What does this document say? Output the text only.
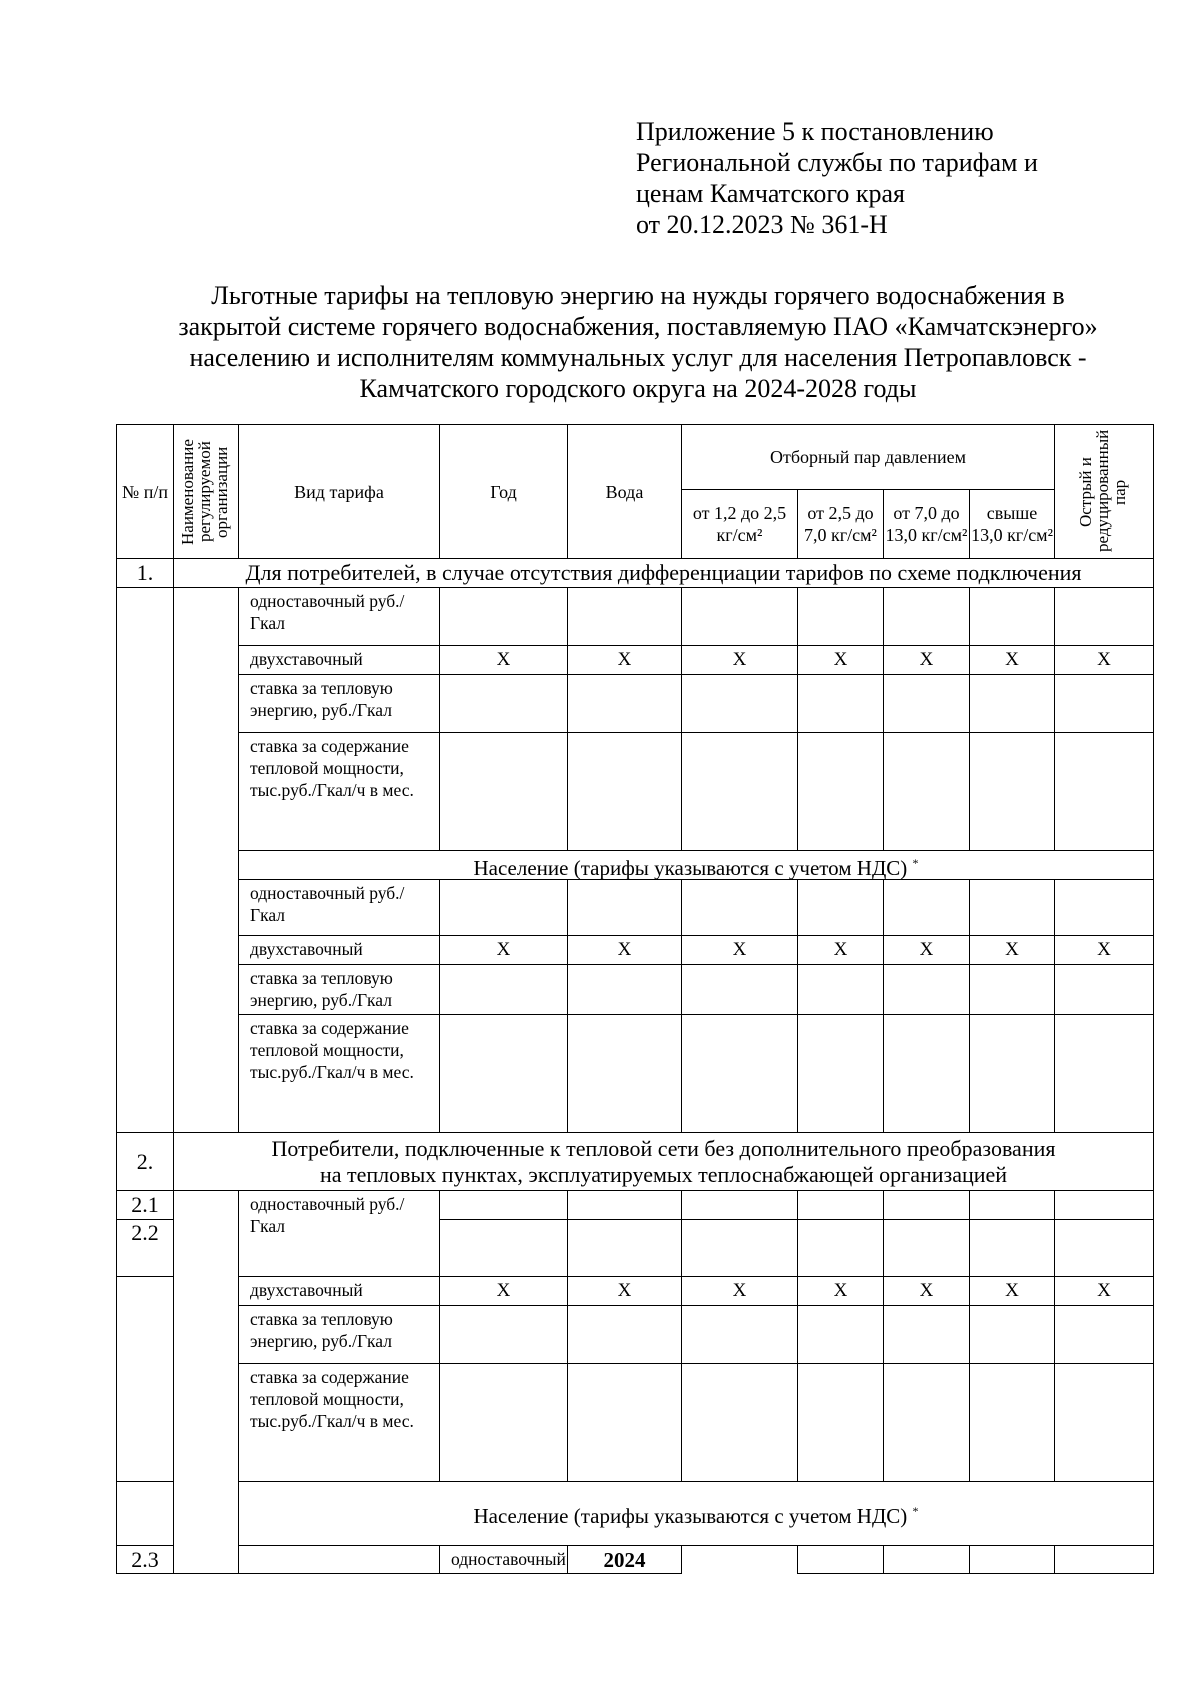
Приложение 5 к постановлению
Региональной службы по тарифам и
ценам Камчатского края
от 20.12.2023 № 361-Н
Льготные тарифы на тепловую энергию на нужды горячего водоснабжения в
закрытой системе горячего водоснабжения, поставляемую ПАО «Камчатскэнерго»
населению и исполнителям коммунальных услуг для населения Петропавловск -
Камчатского городского округа на 2024-2028 годы
№ п/п	Наименование регулируемой организации	Вид тарифа	Год	Вода	Отборный пар давлением				Острый и редуцированный пар	

					от 1,2 до 2,5 кг/см²	от 2,5 до 7,0 кг/см²	от 7,0 до 13,0 кг/см²	свыше 13,0 кг/см²		
1.	Для потребителей, в случае отсутствия дифференциации тарифов по схеме подключения									
		одноставочный руб./Гкал								
		двухставочный	Х	Х	Х	Х	Х	Х	Х	
		ставка за тепловую энергию, руб./Гкал								
		ставка за содержание тепловой мощности, тыс.руб./Гкал/ч в мес.								
		Население (тарифы указываются с учетом НДС) *
		одноставочный руб./Гкал								
		двухставочный	Х	Х	Х	Х	Х	Х	Х	
		ставка за тепловую энергию, руб./Гкал								
		ставка за содержание тепловой мощности, тыс.руб./Гкал/ч в мес.								
2.	Потребители, подключенные к тепловой сети без дополнительного преобразования
на тепловых пунктах, эксплуатируемых теплоснабжающей организацией									

2.1		одноставочный руб./Гкал								
2.2										
		двухставочный	Х	Х	Х	Х	Х	Х	Х	
		ставка за тепловую энергию, руб./Гкал								
		ставка за содержание тепловой мощности, тыс.руб./Гкал/ч в мес.								
		Население (тарифы указываются с учетом НДС) *
2.3			одноставочный	2024						
